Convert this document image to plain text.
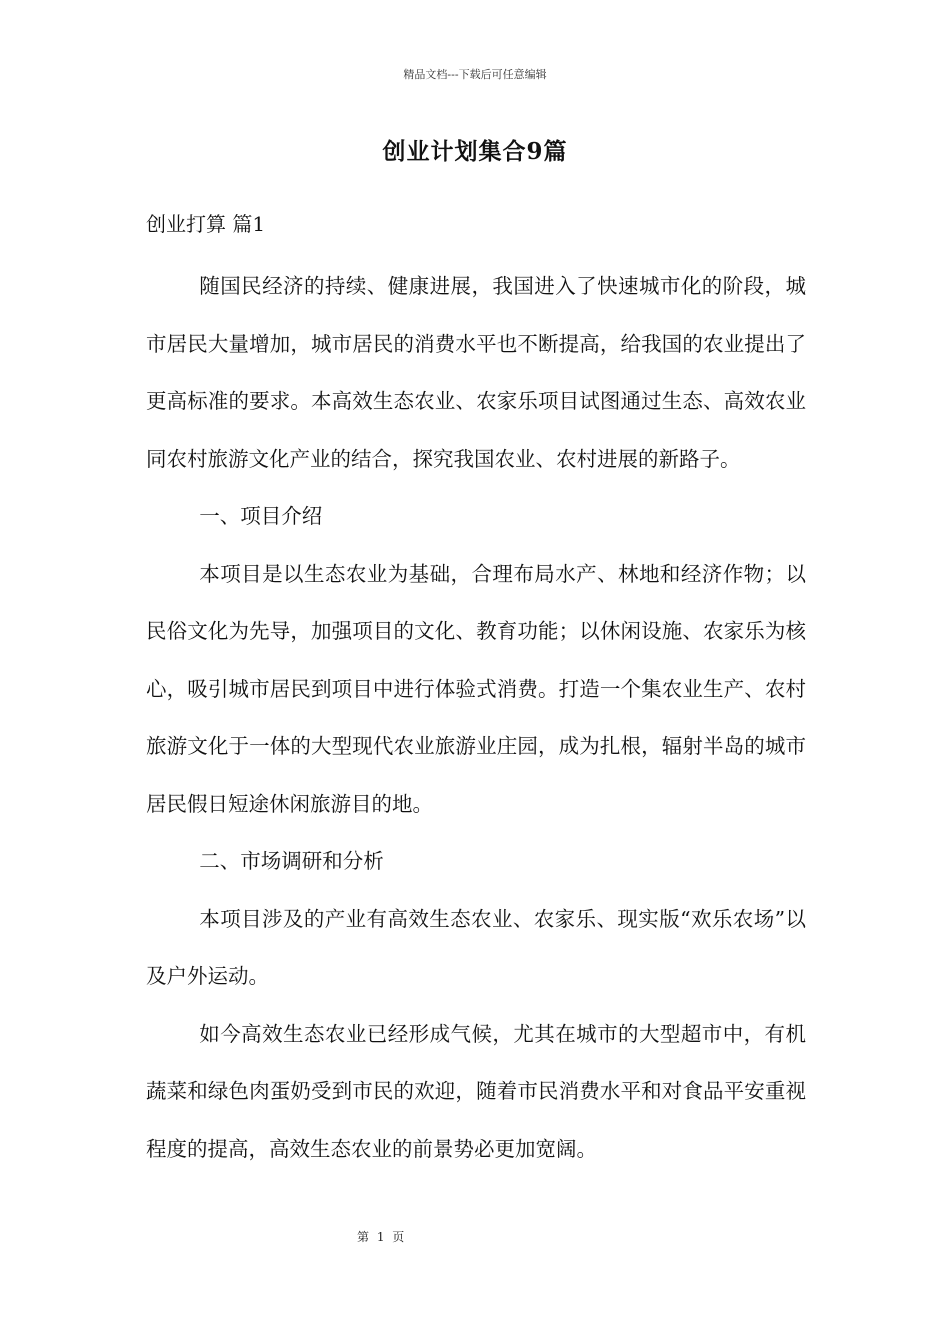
精品文档---下载后可任意编辑
创业计划集合9篇
创业打算 篇1

随国民经济的持续、健康进展，我国进入了快速城市化的阶段，城市居民大量增加，城市居民的消费水平也不断提高，给我国的农业提出了更高标准的要求。本高效生态农业、农家乐项目试图通过生态、高效农业同农村旅游文化产业的结合，探究我国农业、农村进展的新路子。

一、项目介绍

本项目是以生态农业为基础，合理布局水产、林地和经济作物；以民俗文化为先导，加强项目的文化、教育功能；以休闲设施、农家乐为核心，吸引城市居民到项目中进行体验式消费。打造一个集农业生产、农村旅游文化于一体的大型现代农业旅游业庄园，成为扎根，辐射半岛的城市居民假日短途休闲旅游目的地。

二、市场调研和分析

本项目涉及的产业有高效生态农业、农家乐、现实版“欢乐农场”以及户外运动。

如今高效生态农业已经形成气候，尤其在城市的大型超市中，有机蔬菜和绿色肉蛋奶受到市民的欢迎，随着市民消费水平和对食品平安重视程度的提高，高效生态农业的前景势必更加宽阔。

第 1 页
